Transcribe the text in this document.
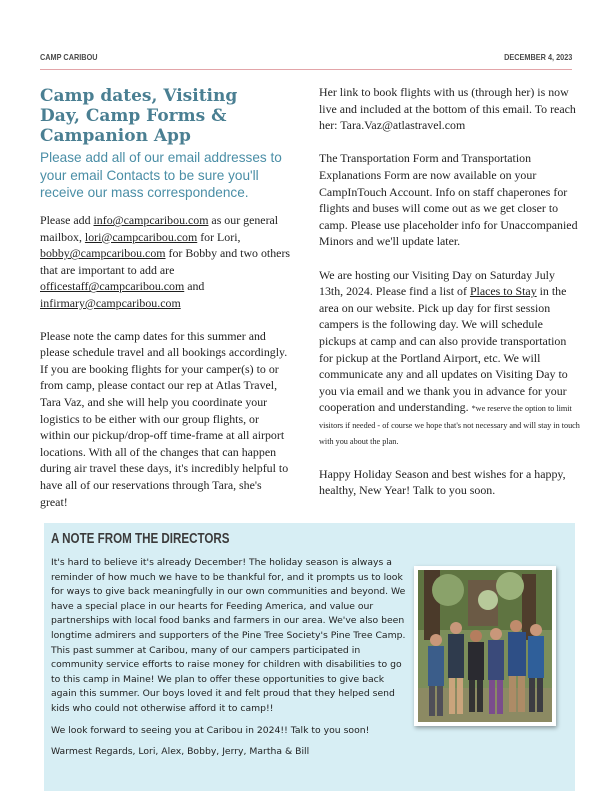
CAMP CARIBOU	DECEMBER 4, 2023
Camp dates, Visiting Day, Camp Forms & Campanion App

Please add all of our email addresses to your email Contacts to be sure you'll receive our mass correspondence.

Please add info@campcaribou.com as our general mailbox, lori@campcaribou.com for Lori, bobby@campcaribou.com for Bobby and two others that are important to add are officestaff@campcaribou.com and infirmary@campcaribou.com

Please note the camp dates for this summer and please schedule travel and all bookings accordingly. If you are booking flights for your camper(s) to or from camp, please contact our rep at Atlas Travel, Tara Vaz, and she will help you coordinate your logistics to be either with our group flights, or within our pickup/drop-off time-frame at all airport locations. With all of the changes that can happen during air travel these days, it's incredibly helpful to have all of our reservations through Tara, she's great!

Her link to book flights with us (through her) is now live and included at the bottom of this email. To reach her: Tara.Vaz@atlastravel.com

The Transportation Form and Transportation Explanations Form are now available on your CampInTouch Account. Info on staff chaperones for flights and buses will come out as we get closer to camp. Please use placeholder info for Unaccompanied Minors and we'll update later.

We are hosting our Visiting Day on Saturday July 13th, 2024. Please find a list of Places to Stay in the area on our website. Pick up day for first session campers is the following day. We will schedule pickups at camp and can also provide transportation for pickup at the Portland Airport, etc. We will communicate any and all updates on Visiting Day to you via email and we thank you in advance for your cooperation and understanding. *we reserve the option to limit visitors if needed - of course we hope that's not necessary and will stay in touch with you about the plan.

Happy Holiday Season and best wishes for a happy, healthy, New Year! Talk to you soon.

A NOTE FROM THE DIRECTORS

It's hard to believe it's already December! The holiday season is always a reminder of how much we have to be thankful for, and it prompts us to look for ways to give back meaningfully in our own communities and beyond. We have a special place in our hearts for Feeding America, and value our partnerships with local food banks and farmers in our area. We've also been longtime admirers and supporters of the Pine Tree Society's Pine Tree Camp. This past summer at Caribou, many of our campers participated in community service efforts to raise money for children with disabilities to go to this camp in Maine! We plan to offer these opportunities to give back again this summer. Our boys loved it and felt proud that they helped send kids who could not otherwise afford it to camp!!

We look forward to seeing you at Caribou in 2024!! Talk to you soon!

Warmest Regards, Lori, Alex, Bobby, Jerry, Martha & Bill
